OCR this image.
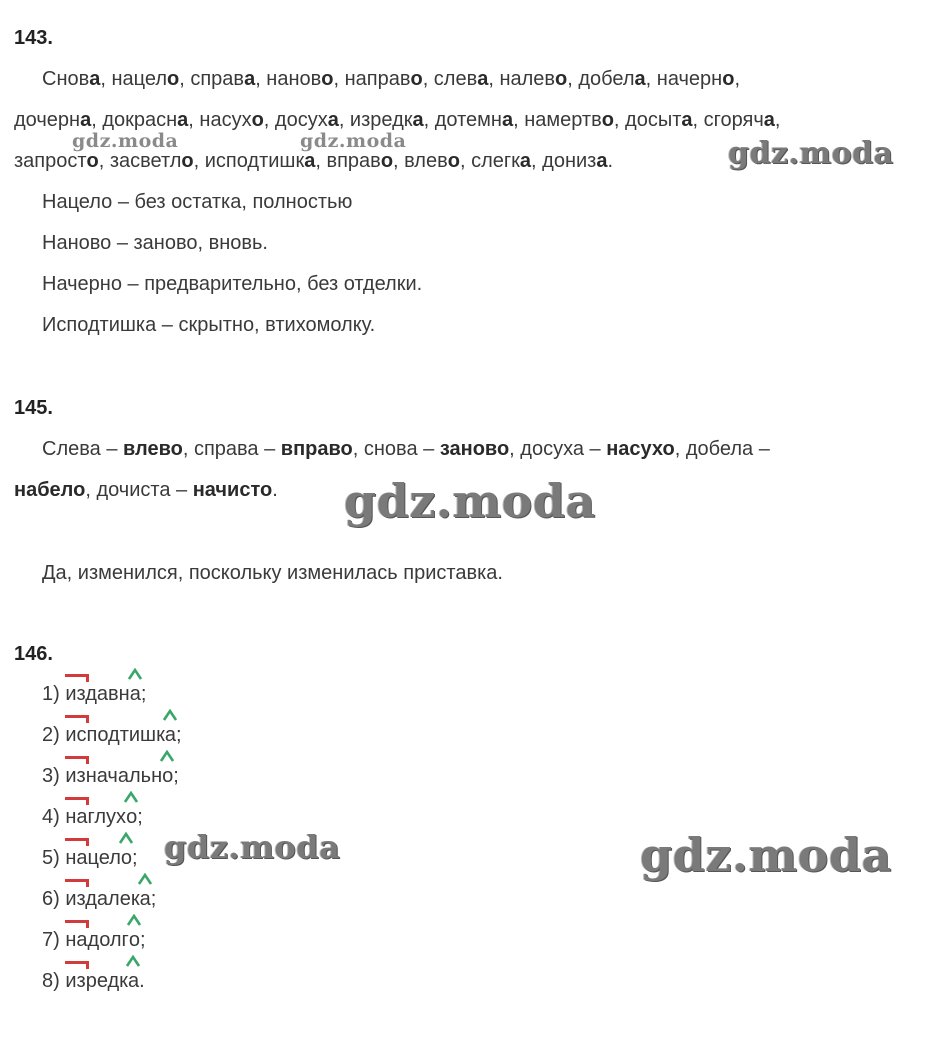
143.
Снова, нацело, справа, наново, направо, слева, налево, добела, начерно,
дочерна, докрасна, насухо, досуха, изредка, дотемна, намертво, досыта, сгоряча,
запросто, засветло, исподтишка, вправо, влево, слегка, дониза.
gdz.moda	gdz.moda	gdz.moda
Нацело – без остатка, полностью
Наново – заново, вновь.
Начерно – предварительно, без отделки.
Исподтишка – скрытно, втихомолку.
145.
Слева – влево, справа – вправо, снова – заново, досуха – насухо, добела –
набело, дочиста – начисто. gdz.moda
Да, изменился, поскольку изменилась приставка.
146.
1) издавн
а;
2) исподтишк
а;
3) изначальн
о;
4) наглух
о;
5) нацел
о;
6) издалек
а;
7) надолг
о;
8) изредк
а.
gdz.moda	gdz.moda
